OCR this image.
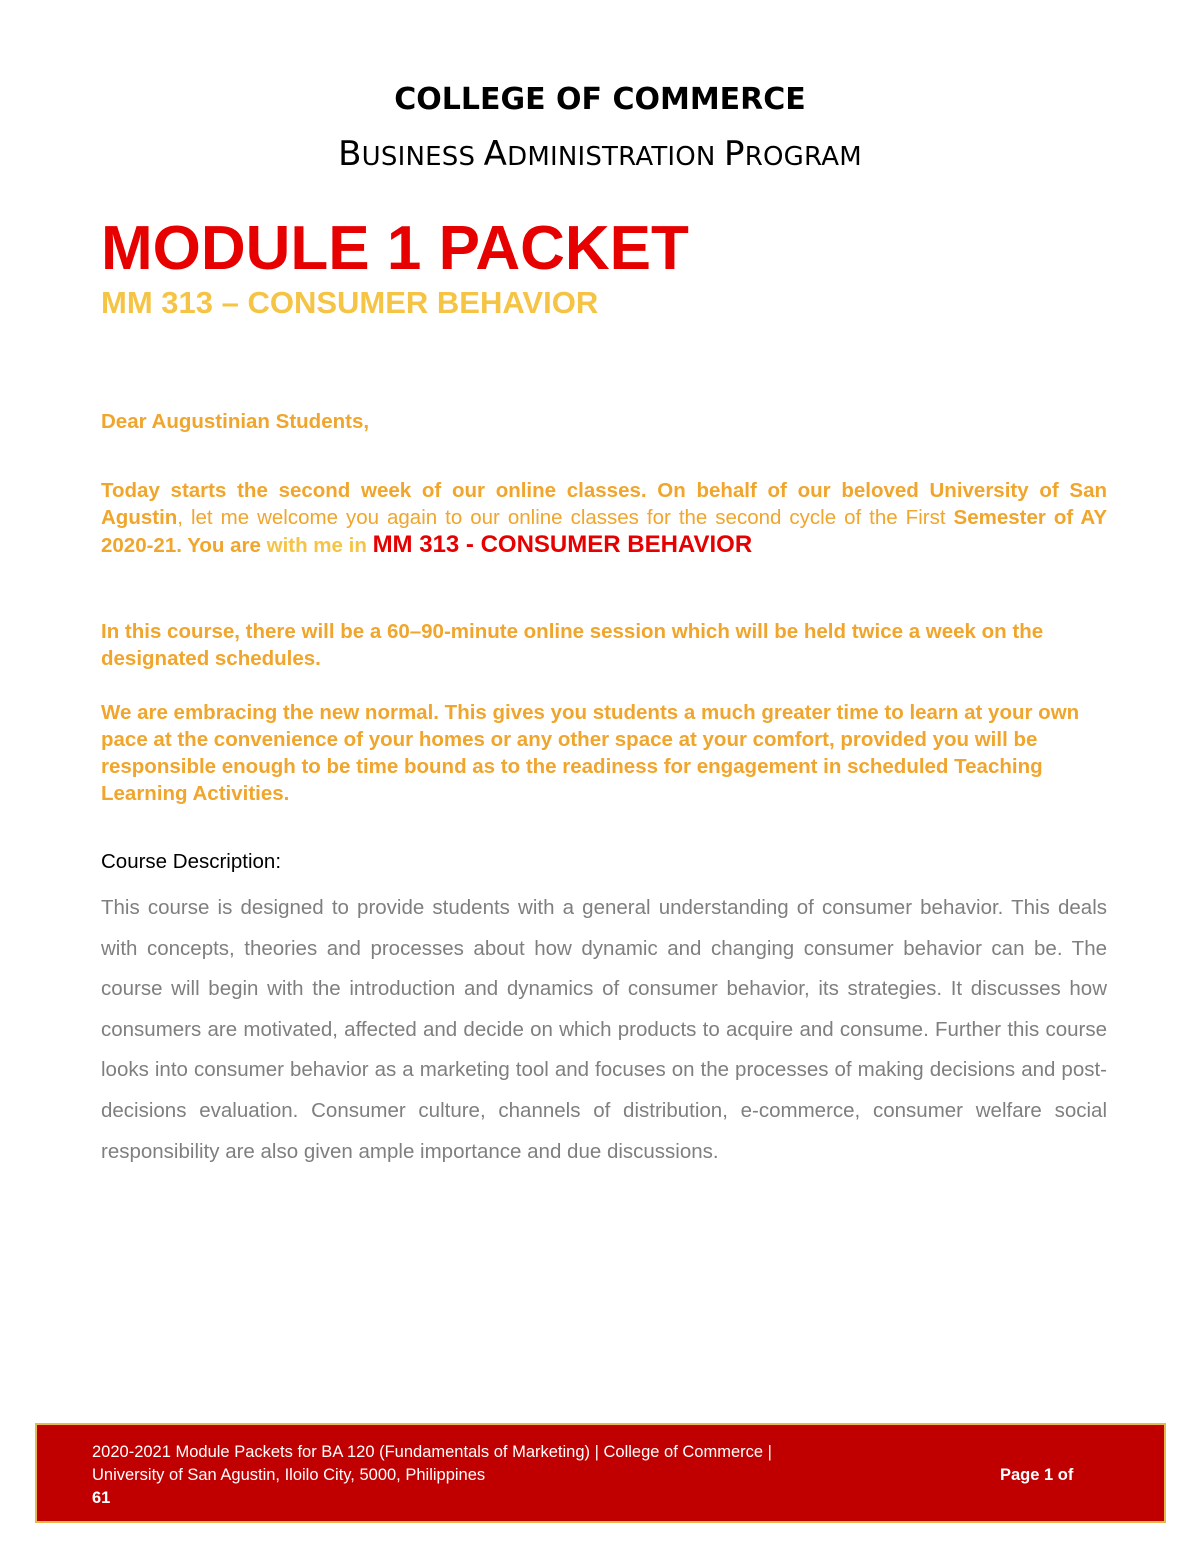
COLLEGE OF COMMERCE
BUSINESS ADMINISTRATION PROGRAM
MODULE 1 PACKET
MM 313 – CONSUMER BEHAVIOR
Dear Augustinian Students,
Today starts the second week of our online classes. On behalf of our beloved University of San Agustin, let me welcome you again to our online classes for the second cycle of the First Semester of AY 2020-21. You are with me in MM 313 - CONSUMER BEHAVIOR
In this course, there will be a 60–90-minute online session which will be held twice a week on the designated schedules.
We are embracing the new normal. This gives you students a much greater time to learn at your own pace at the convenience of your homes or any other space at your comfort, provided you will be responsible enough to be time bound as to the readiness for engagement in scheduled Teaching Learning Activities.
Course Description:
This course is designed to provide students with a general understanding of consumer behavior. This deals with concepts, theories and processes about how dynamic and changing consumer behavior can be. The course will begin with the introduction and dynamics of consumer behavior, its strategies. It discusses how consumers are motivated, affected and decide on which products to acquire and consume. Further this course looks into consumer behavior as a marketing tool and focuses on the processes of making decisions and post-decisions evaluation. Consumer culture, channels of distribution, e-commerce, consumer welfare social responsibility are also given ample importance and due discussions.
2020-2021 Module Packets for BA 120 (Fundamentals of Marketing) | College of Commerce |
University of San Agustin, Iloilo City, 5000, Philippines	Page 1 of
61
